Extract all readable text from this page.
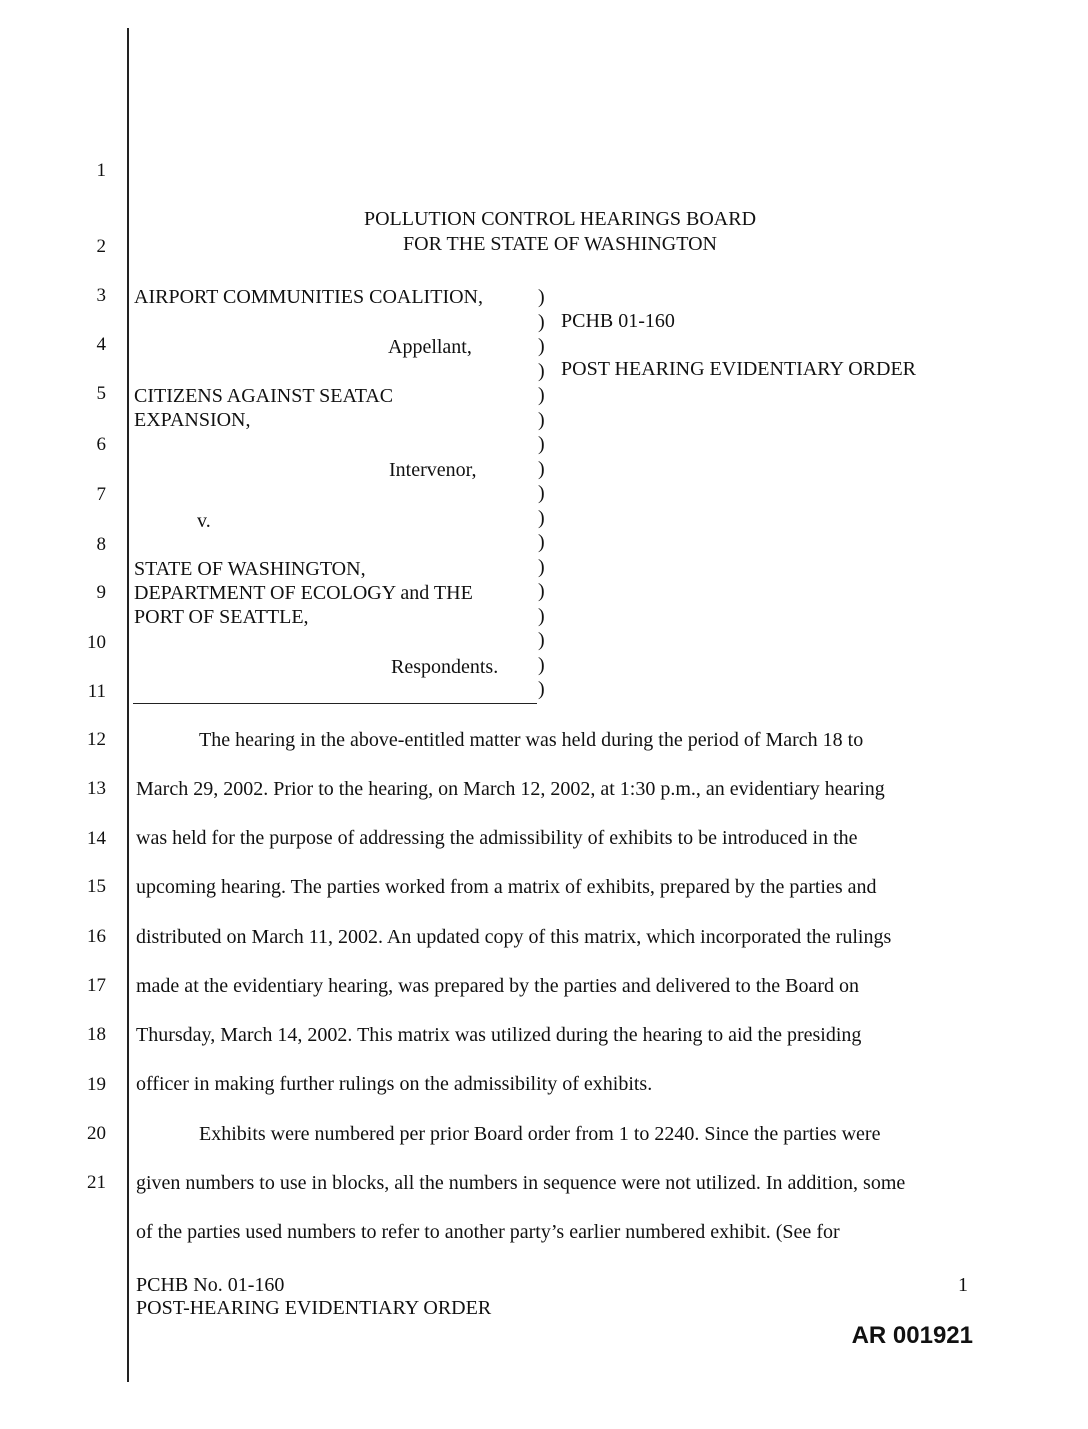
1
2
3
4
5
6
7
8
9
10
11
12
13
14
15
16
17
18
19
20
21
POLLUTION CONTROL HEARINGS BOARD
FOR THE STATE OF WASHINGTON
AIRPORT COMMUNITIES COALITION,
Appellant,
CITIZENS AGAINST SEATAC
EXPANSION,
Intervenor,
v.
STATE OF WASHINGTON,
DEPARTMENT OF ECOLOGY and THE
PORT OF SEATTLE,
Respondents.
)
)
)
)
)
)
)
)
)
)
)
)
)
)
)
)
)
PCHB 01-160
POST HEARING EVIDENTIARY ORDER
The hearing in the above-entitled matter was held during the period of March 18 to
March 29, 2002. Prior to the hearing, on March 12, 2002, at 1:30 p.m., an evidentiary hearing
was held for the purpose of addressing the admissibility of exhibits to be introduced in the
upcoming hearing. The parties worked from a matrix of exhibits, prepared by the parties and
distributed on March 11, 2002. An updated copy of this matrix, which incorporated the rulings
made at the evidentiary hearing, was prepared by the parties and delivered to the Board on
Thursday, March 14, 2002. This matrix was utilized during the hearing to aid the presiding
officer in making further rulings on the admissibility of exhibits.
Exhibits were numbered per prior Board order from 1 to 2240. Since the parties were
given numbers to use in blocks, all the numbers in sequence were not utilized. In addition, some
of the parties used numbers to refer to another party’s earlier numbered exhibit. (See for
PCHB No. 01-160
POST-HEARING EVIDENTIARY ORDER
1
AR 001921
